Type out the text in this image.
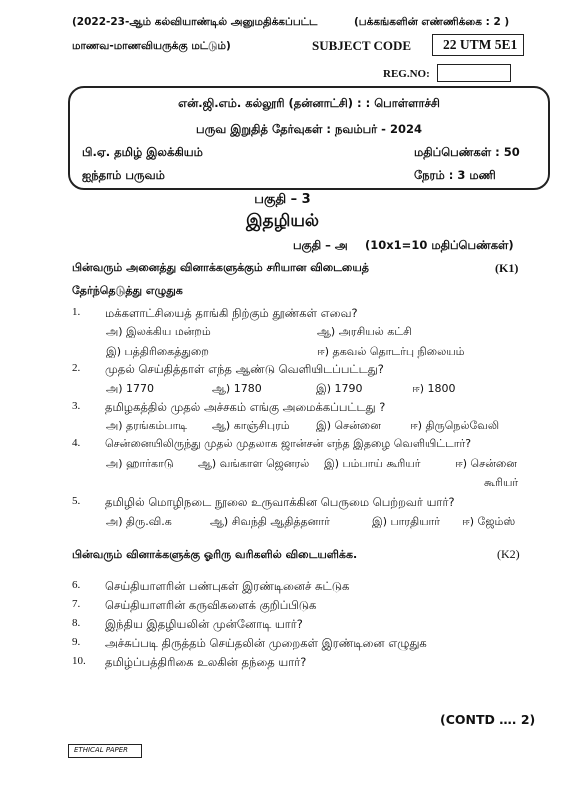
(2022-23-ஆம் கல்வியாண்டில் அனுமதிக்கப்பட்ட	(பக்கங்களின் எண்ணிக்கை : 2 )
மாணவ-மாணவியருக்கு மட்டும்)	SUBJECT CODE 22 UTM 5E1
REG.NO:
என்.ஜி.எம். கல்லூரி (தன்னாட்சி) : : பொள்ளாச்சி
பருவ இறுதித் தேர்வுகள் : நவம்பர் - 2024
பி.ஏ. தமிழ் இலக்கியம்	மதிப்பெண்கள் : 50
ஐந்தாம் பருவம்	நேரம் : 3 மணி
பகுதி – 3
இதழியல்
பகுதி – அ (10x1=10 மதிப்பெண்கள்)
பின்வரும் அனைத்து வினாக்களுக்கும் சரியான விடையைத்	(K1)
தேர்ந்தெடுத்து எழுதுக
1. மக்களாட்சியைத் தாங்கி நிற்கும் தூண்கள் எவை?
அ) இலக்கிய மன்றம்	ஆ) அரசியல் கட்சி
இ) பத்திரிகைத்துறை	ஈ) தகவல் தொடர்பு நிலையம்
2. முதல் செய்தித்தாள் எந்த ஆண்டு வெளியிடப்பட்டது?
அ) 1770	ஆ) 1780	இ) 1790	ஈ) 1800
3. தமிழகத்தில் முதல் அச்சகம் எங்கு அமைக்கப்பட்டது ?
அ) தரங்கம்பாடி ஆ) காஞ்சிபுரம் இ) சென்னை	ஈ) திருநெல்வேலி
4. சென்னையிலிருந்து முதல் முதலாக ஜான்சன் எந்த இதழை வெளியிட்டார்?
அ) ஹார்காடு ஆ) வங்காள ஜெனரல் இ) பம்பாய் கூரியர்	ஈ) சென்னை
கூரியர்
5. தமிழில் மொழிநடை நூலை உருவாக்கின பெருமை பெற்றவர் யார்?
அ) திரு.வி.க	ஆ) சிவந்தி ஆதித்தனார்	இ) பாரதியார் ஈ) ஜேம்ஸ்
பின்வரும் வினாக்களுக்கு ஓரிரு வரிகளில் விடையளிக்க.	(K2)
6. செய்தியாளரின் பண்புகள் இரண்டினைச் சுட்டுக
7. செய்தியாளரின் கருவிகளைக் குறிப்பிடுக
8. இந்திய இதழியலின் முன்னோடி யார்?
9. அச்சுப்படி திருத்தம் செய்தலின் முறைகள் இரண்டினை எழுதுக
10. தமிழ்ப்பத்திரிகை உலகின் தந்தை யார்?
(CONTD …. 2)
ETHICAL PAPER
